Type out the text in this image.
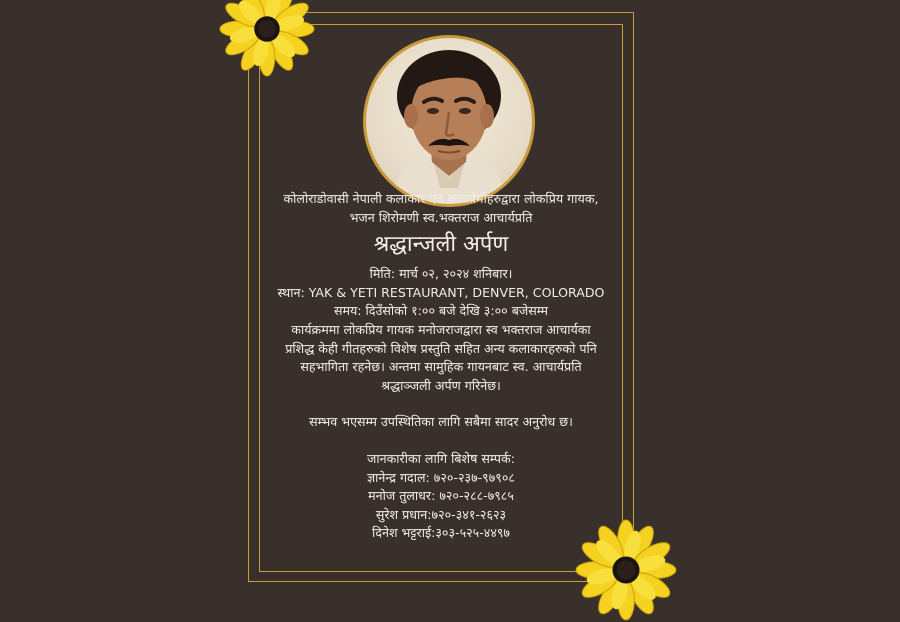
कोलोराडोवासी नेपाली कलाकार एवं कलाप्रेमीहरुद्वारा लोकप्रिय गायक,
भजन शिरोमणी स्व.भक्तराज आचार्यप्रति
श्रद्धान्जली अर्पण
मिति: मार्च ०२, २०२४ शनिबार।
स्थान: YAK & YETI RESTAURANT, DENVER, COLORADO
समय: दिउँसोको १:०० बजे देखि ३:०० बजेसम्म
कार्यक्रममा लोकप्रिय गायक मनोजराजद्वारा स्व भक्तराज आचार्यका
प्रशिद्ध केही गीतहरुको विशेष प्रस्तुति सहित अन्य कलाकारहरुको पनि
सहभागिता रहनेछ। अन्तमा सामुहिक गायनबाट स्व. आचार्यप्रति
श्रद्धाञ्जली अर्पण गरिनेछ।
सम्भव भएसम्म उपस्थितिका लागि सबैमा सादर अनुरोध छ।
जानकारीका लागि बिशेष सम्पर्क:
ज्ञानेन्द्र गदाल: ७२०-२३७-९७९०८
मनोज तुलाधर: ७२०-२८८-७९८५
सुरेश प्रधान:७२०-३४१-२६२३
दिनेश भट्टराई:३०३-५२५-४४९७
